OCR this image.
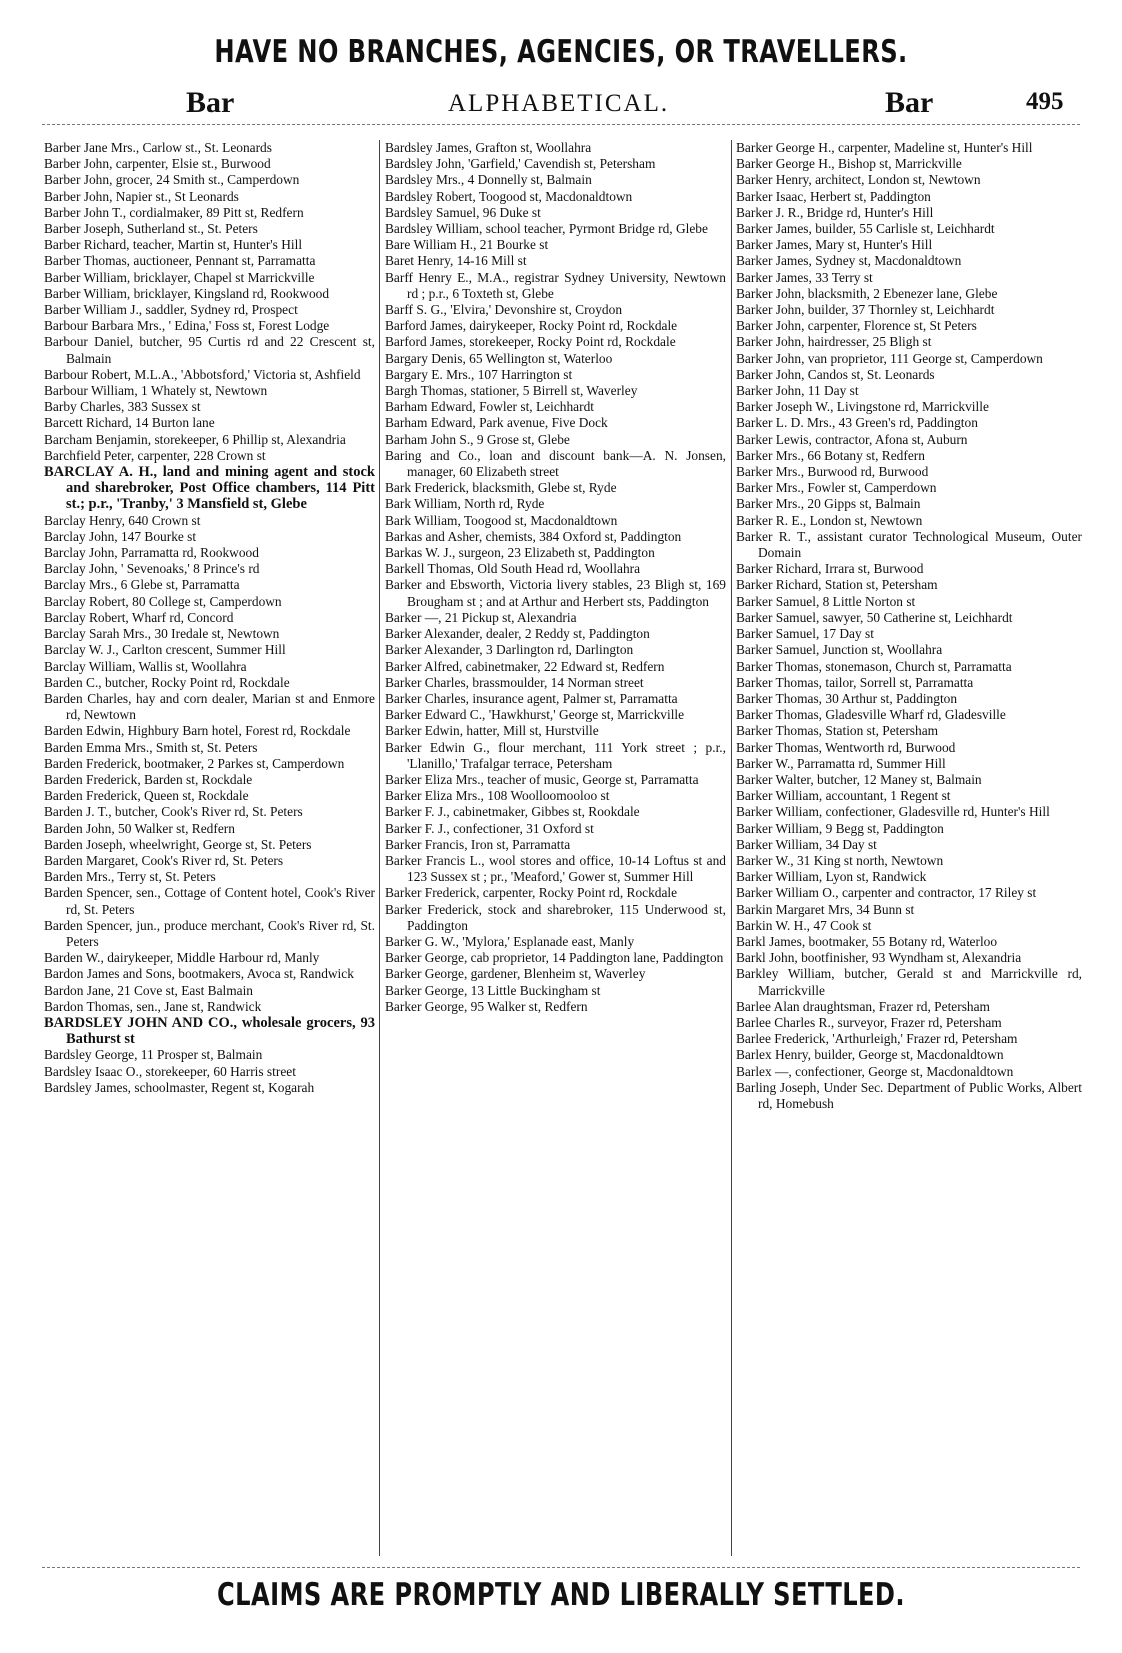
HAVE NO BRANCHES, AGENCIES, OR TRAVELLERS.
Bar	ALPHABETICAL.	Bar	495
Barber Jane Mrs., Carlow st., St. Leonards
Barber John, carpenter, Elsie st., Burwood
Barber John, grocer, 24 Smith st., Camperdown
Barber John, Napier st., St Leonards
Barber John T., cordialmaker, 89 Pitt st, Redfern
Barber Joseph, Sutherland st., St. Peters
Barber Richard, teacher, Martin st, Hunter's Hill
Barber Thomas, auctioneer, Pennant st, Parramatta
Barber William, bricklayer, Chapel st Marrickville
Barber William, bricklayer, Kingsland rd, Rookwood
Barber William J., saddler, Sydney rd, Prospect
Barbour Barbara Mrs., ' Edina,' Foss st, Forest Lodge
Barbour Daniel, butcher, 95 Curtis rd and 22 Crescent st, Balmain
Barbour Robert, M.L.A., 'Abbotsford,' Victoria st, Ashfield
Barbour William, 1 Whately st, Newtown
Barby Charles, 383 Sussex st
Barcett Richard, 14 Burton lane
Barcham Benjamin, storekeeper, 6 Phillip st, Alexandria
Barchfield Peter, carpenter, 228 Crown st
BARCLAY A. H., land and mining agent and stock and sharebroker, Post Office chambers, 114 Pitt st.; p.r., 'Tranby,' 3 Mansfield st, Glebe
Barclay Henry, 640 Crown st
Barclay John, 147 Bourke st
Barclay John, Parramatta rd, Rookwood
Barclay John, ' Sevenoaks,' 8 Prince's rd
Barclay Mrs., 6 Glebe st, Parramatta
Barclay Robert, 80 College st, Camperdown
Barclay Robert, Wharf rd, Concord
Barclay Sarah Mrs., 30 Iredale st, Newtown
Barclay W. J., Carlton crescent, Summer Hill
Barclay William, Wallis st, Woollahra
Barden C., butcher, Rocky Point rd, Rockdale
Barden Charles, hay and corn dealer, Marian st and Enmore rd, Newtown
Barden Edwin, Highbury Barn hotel, Forest rd, Rockdale
Barden Emma Mrs., Smith st, St. Peters
Barden Frederick, bootmaker, 2 Parkes st, Camperdown
Barden Frederick, Barden st, Rockdale
Barden Frederick, Queen st, Rockdale
Barden J. T., butcher, Cook's River rd, St. Peters
Barden John, 50 Walker st, Redfern
Barden Joseph, wheelwright, George st, St. Peters
Barden Margaret, Cook's River rd, St. Peters
Barden Mrs., Terry st, St. Peters
Barden Spencer, sen., Cottage of Content hotel, Cook's River rd, St. Peters
Barden Spencer, jun., produce merchant, Cook's River rd, St. Peters
Barden W., dairykeeper, Middle Harbour rd, Manly
Bardon James and Sons, bootmakers, Avoca st, Randwick
Bardon Jane, 21 Cove st, East Balmain
Bardon Thomas, sen., Jane st, Randwick
BARDSLEY JOHN AND CO., wholesale grocers, 93 Bathurst st
Bardsley George, 11 Prosper st, Balmain
Bardsley Isaac O., storekeeper, 60 Harris street
Bardsley James, schoolmaster, Regent st, Kogarah
Bardsley James, Grafton st, Woollahra
Bardsley John, 'Garfield,' Cavendish st, Petersham
Bardsley Mrs., 4 Donnelly st, Balmain
Bardsley Robert, Toogood st, Macdonaldtown
Bardsley Samuel, 96 Duke st
Bardsley William, school teacher, Pyrmont Bridge rd, Glebe
Bare William H., 21 Bourke st
Baret Henry, 14-16 Mill st
Barff Henry E., M.A., registrar Sydney University, Newtown rd ; p.r., 6 Toxteth st, Glebe
Barff S. G., 'Elvira,' Devonshire st, Croydon
Barford James, dairykeeper, Rocky Point rd, Rockdale
Barford James, storekeeper, Rocky Point rd, Rockdale
Bargary Denis, 65 Wellington st, Waterloo
Bargary E. Mrs., 107 Harrington st
Bargh Thomas, stationer, 5 Birrell st, Waverley
Barham Edward, Fowler st, Leichhardt
Barham Edward, Park avenue, Five Dock
Barham John S., 9 Grose st, Glebe
Baring and Co., loan and discount bank—A. N. Jonsen, manager, 60 Elizabeth street
Bark Frederick, blacksmith, Glebe st, Ryde
Bark William, North rd, Ryde
Bark William, Toogood st, Macdonaldtown
Barkas and Asher, chemists, 384 Oxford st, Paddington
Barkas W. J., surgeon, 23 Elizabeth st, Paddington
Barkell Thomas, Old South Head rd, Woollahra
Barker and Ebsworth, Victoria livery stables, 23 Bligh st, 169 Brougham st ; and at Arthur and Herbert sts, Paddington
Barker —, 21 Pickup st, Alexandria
Barker Alexander, dealer, 2 Reddy st, Paddington
Barker Alexander, 3 Darlington rd, Darlington
Barker Alfred, cabinetmaker, 22 Edward st, Redfern
Barker Charles, brassmoulder, 14 Norman street
Barker Charles, insurance agent, Palmer st, Parramatta
Barker Edward C., 'Hawkhurst,' George st, Marrickville
Barker Edwin, hatter, Mill st, Hurstville
Barker Edwin G., flour merchant, 111 York street ; p.r., 'Llanillo,' Trafalgar terrace, Petersham
Barker Eliza Mrs., teacher of music, George st, Parramatta
Barker Eliza Mrs., 108 Woolloomooloo st
Barker F. J., cabinetmaker, Gibbes st, Rookdale
Barker F. J., confectioner, 31 Oxford st
Barker Francis, Iron st, Parramatta
Barker Francis L., wool stores and office, 10-14 Loftus st and 123 Sussex st ; pr., 'Meaford,' Gower st, Summer Hill
Barker Frederick, carpenter, Rocky Point rd, Rockdale
Barker Frederick, stock and sharebroker, 115 Underwood st, Paddington
Barker G. W., 'Mylora,' Esplanade east, Manly
Barker George, cab proprietor, 14 Paddington lane, Paddington
Barker George, gardener, Blenheim st, Waverley
Barker George, 13 Little Buckingham st
Barker George, 95 Walker st, Redfern
Barker George H., carpenter, Madeline st, Hunter's Hill
Barker George H., Bishop st, Marrickville
Barker Henry, architect, London st, Newtown
Barker Isaac, Herbert st, Paddington
Barker J. R., Bridge rd, Hunter's Hill
Barker James, builder, 55 Carlisle st, Leichhardt
Barker James, Mary st, Hunter's Hill
Barker James, Sydney st, Macdonaldtown
Barker James, 33 Terry st
Barker John, blacksmith, 2 Ebenezer lane, Glebe
Barker John, builder, 37 Thornley st, Leichhardt
Barker John, carpenter, Florence st, St Peters
Barker John, hairdresser, 25 Bligh st
Barker John, van proprietor, 111 George st, Camperdown
Barker John, Candos st, St. Leonards
Barker John, 11 Day st
Barker Joseph W., Livingstone rd, Marrickville
Barker L. D. Mrs., 43 Green's rd, Paddington
Barker Lewis, contractor, Afona st, Auburn
Barker Mrs., 66 Botany st, Redfern
Barker Mrs., Burwood rd, Burwood
Barker Mrs., Fowler st, Camperdown
Barker Mrs., 20 Gipps st, Balmain
Barker R. E., London st, Newtown
Barker R. T., assistant curator Technological Museum, Outer Domain
Barker Richard, Irrara st, Burwood
Barker Richard, Station st, Petersham
Barker Samuel, 8 Little Norton st
Barker Samuel, sawyer, 50 Catherine st, Leichhardt
Barker Samuel, 17 Day st
Barker Samuel, Junction st, Woollahra
Barker Thomas, stonemason, Church st, Parramatta
Barker Thomas, tailor, Sorrell st, Parramatta
Barker Thomas, 30 Arthur st, Paddington
Barker Thomas, Gladesville Wharf rd, Gladesville
Barker Thomas, Station st, Petersham
Barker Thomas, Wentworth rd, Burwood
Barker W., Parramatta rd, Summer Hill
Barker Walter, butcher, 12 Maney st, Balmain
Barker William, accountant, 1 Regent st
Barker William, confectioner, Gladesville rd, Hunter's Hill
Barker William, 9 Begg st, Paddington
Barker William, 34 Day st
Barker W., 31 King st north, Newtown
Barker William, Lyon st, Randwick
Barker William O., carpenter and contractor, 17 Riley st
Barkin Margaret Mrs, 34 Bunn st
Barkin W. H., 47 Cook st
Barkl James, bootmaker, 55 Botany rd, Waterloo
Barkl John, bootfinisher, 93 Wyndham st, Alexandria
Barkley William, butcher, Gerald st and Marrickville rd, Marrickville
Barlee Alan draughtsman, Frazer rd, Petersham
Barlee Charles R., surveyor, Frazer rd, Petersham
Barlee Frederick, 'Arthurleigh,' Frazer rd, Petersham
Barlex Henry, builder, George st, Macdonaldtown
Barlex —, confectioner, George st, Macdonaldtown
Barling Joseph, Under Sec. Department of Public Works, Albert rd, Homebush
CLAIMS ARE PROMPTLY AND LIBERALLY SETTLED.
